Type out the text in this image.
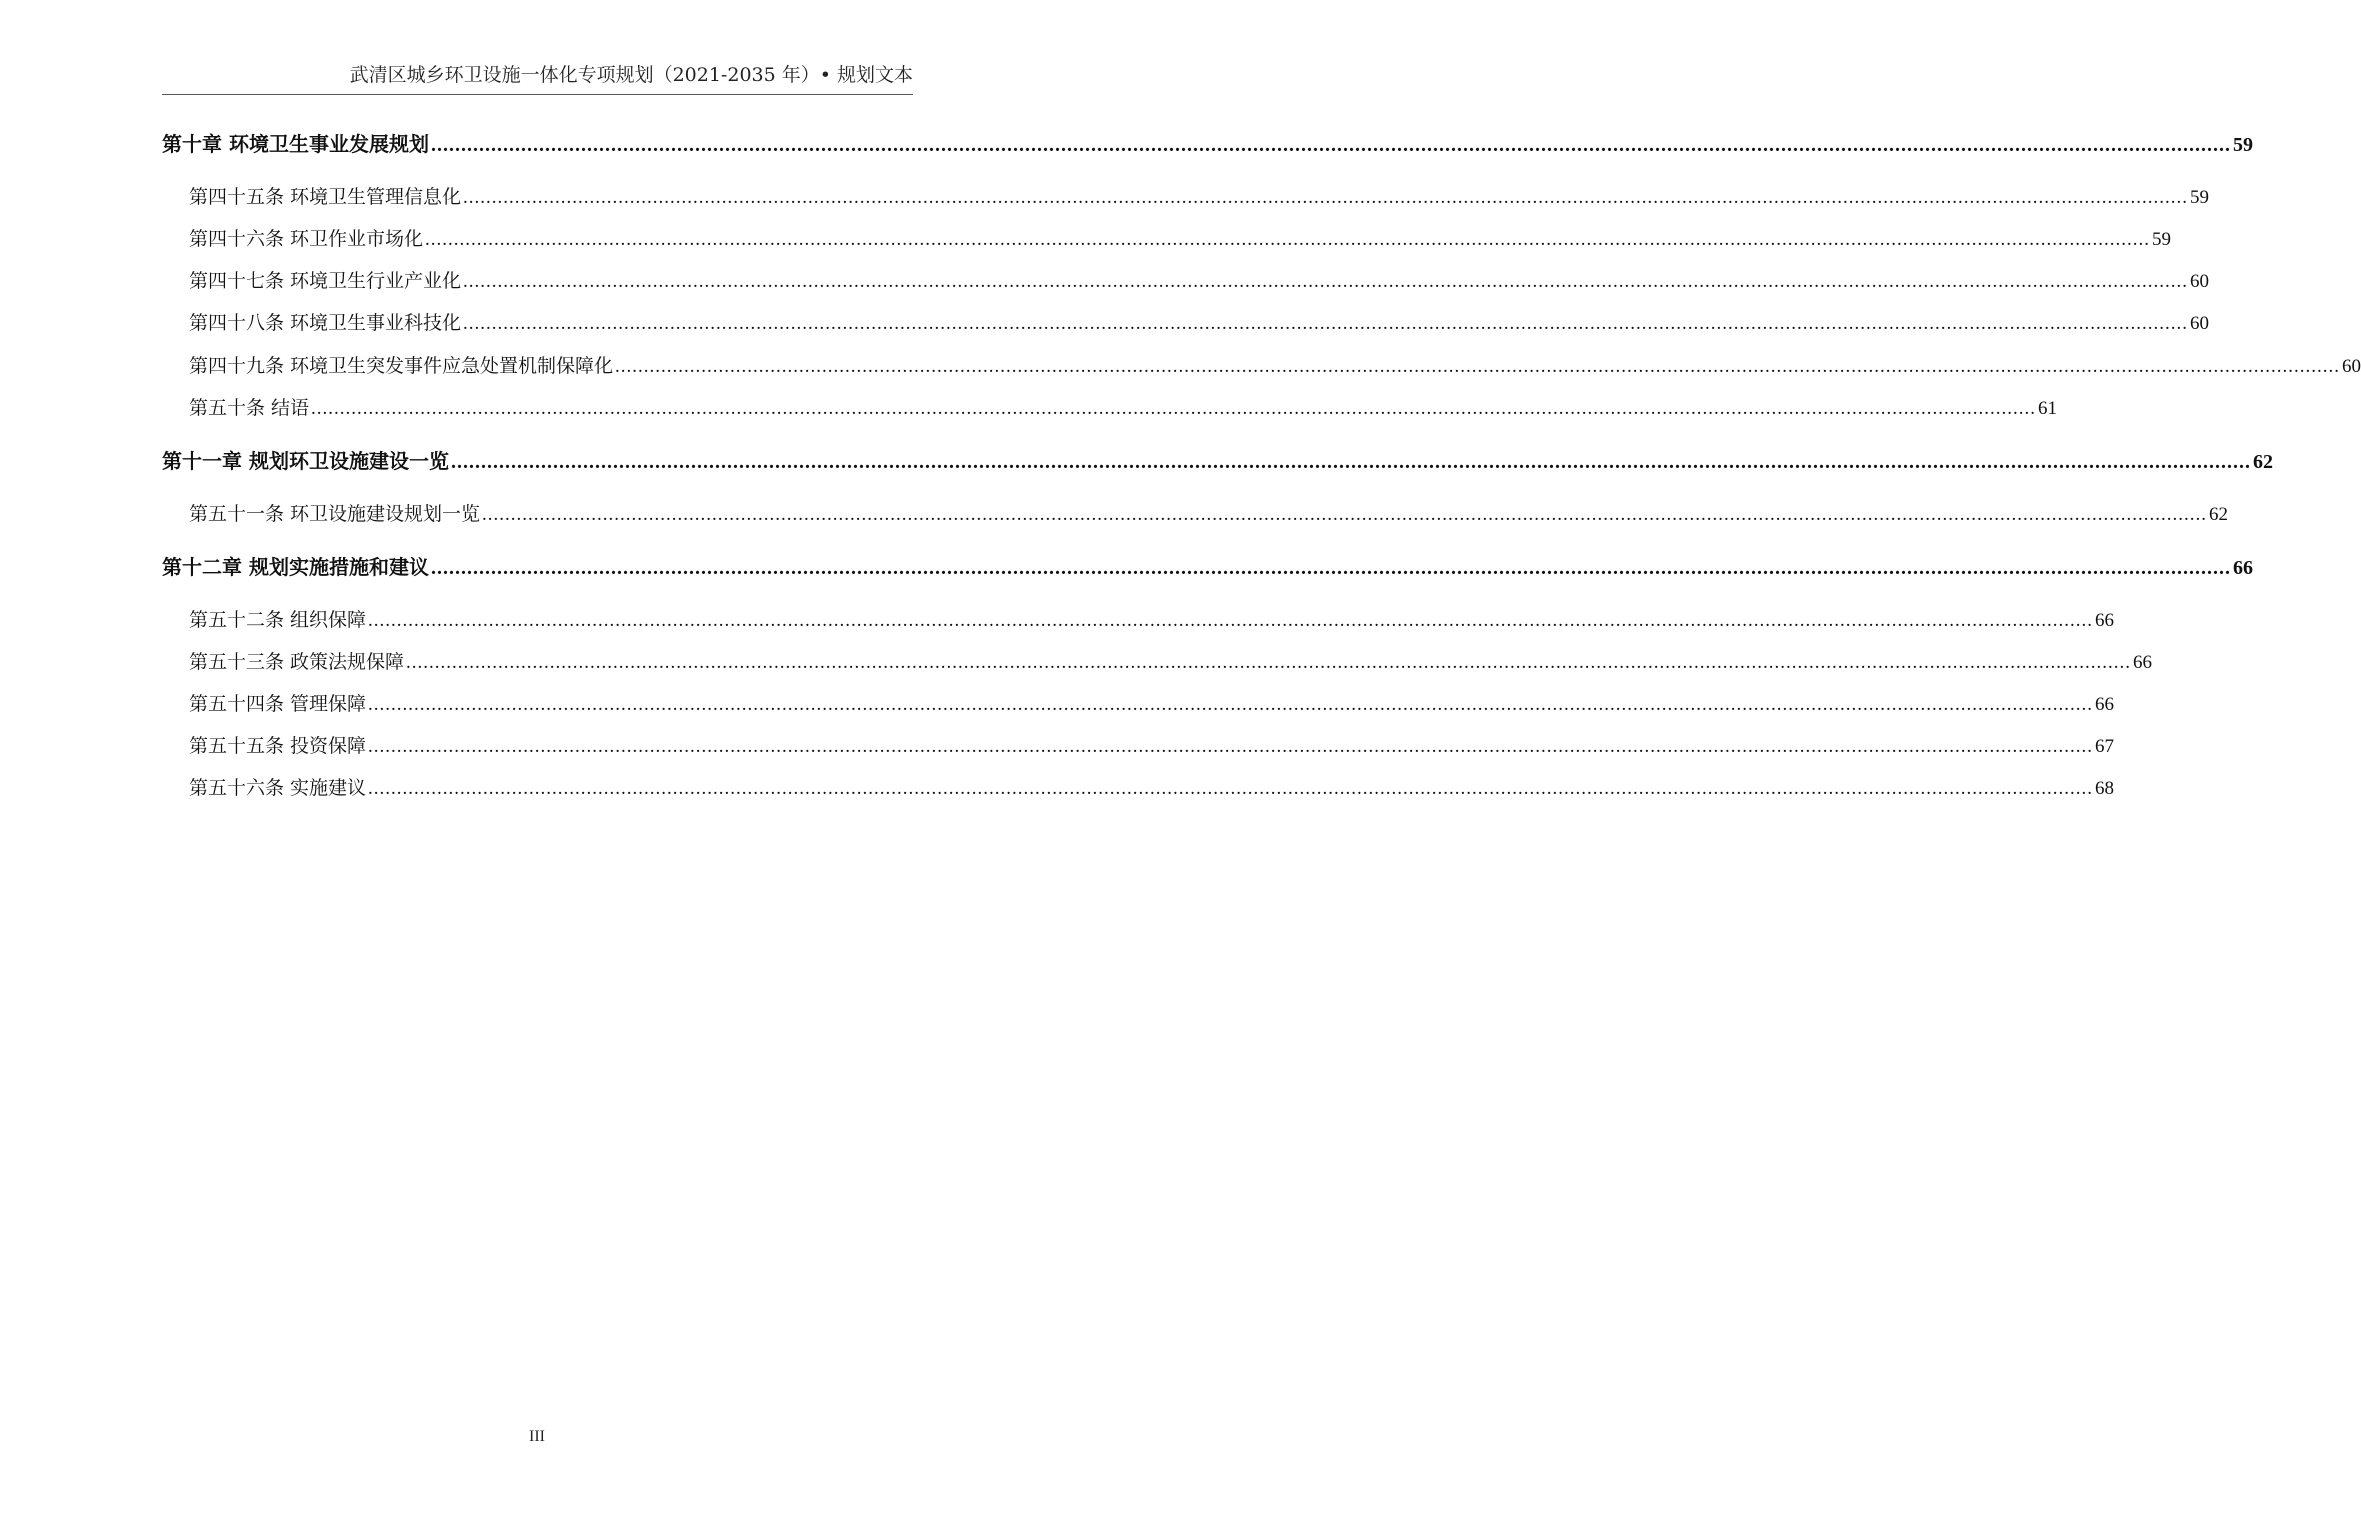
武清区城乡环卫设施一体化专项规划（2021-2035 年）• 规划文本
第十章 环境卫生事业发展规划 ............................................................................................................................................................................................................................................................................................................ 59
第四十五条 环境卫生管理信息化 ............................................................................................................................................................................................................................................................................................................ 59
第四十六条 环卫作业市场化 ............................................................................................................................................................................................................................................................................................................ 59
第四十七条 环境卫生行业产业化 ............................................................................................................................................................................................................................................................................................................ 60
第四十八条 环境卫生事业科技化 ............................................................................................................................................................................................................................................................................................................ 60
第四十九条 环境卫生突发事件应急处置机制保障化 ............................................................................................................................................................................................................................................................................................................ 60
第五十条 结语 ............................................................................................................................................................................................................................................................................................................ 61
第十一章 规划环卫设施建设一览 ............................................................................................................................................................................................................................................................................................................ 62
第五十一条 环卫设施建设规划一览 ............................................................................................................................................................................................................................................................................................................ 62
第十二章 规划实施措施和建议 ............................................................................................................................................................................................................................................................................................................ 66
第五十二条 组织保障 ............................................................................................................................................................................................................................................................................................................ 66
第五十三条 政策法规保障 ............................................................................................................................................................................................................................................................................................................ 66
第五十四条 管理保障 ............................................................................................................................................................................................................................................................................................................ 66
第五十五条 投资保障 ............................................................................................................................................................................................................................................................................................................ 67
第五十六条 实施建议 ............................................................................................................................................................................................................................................................................................................ 68
III
